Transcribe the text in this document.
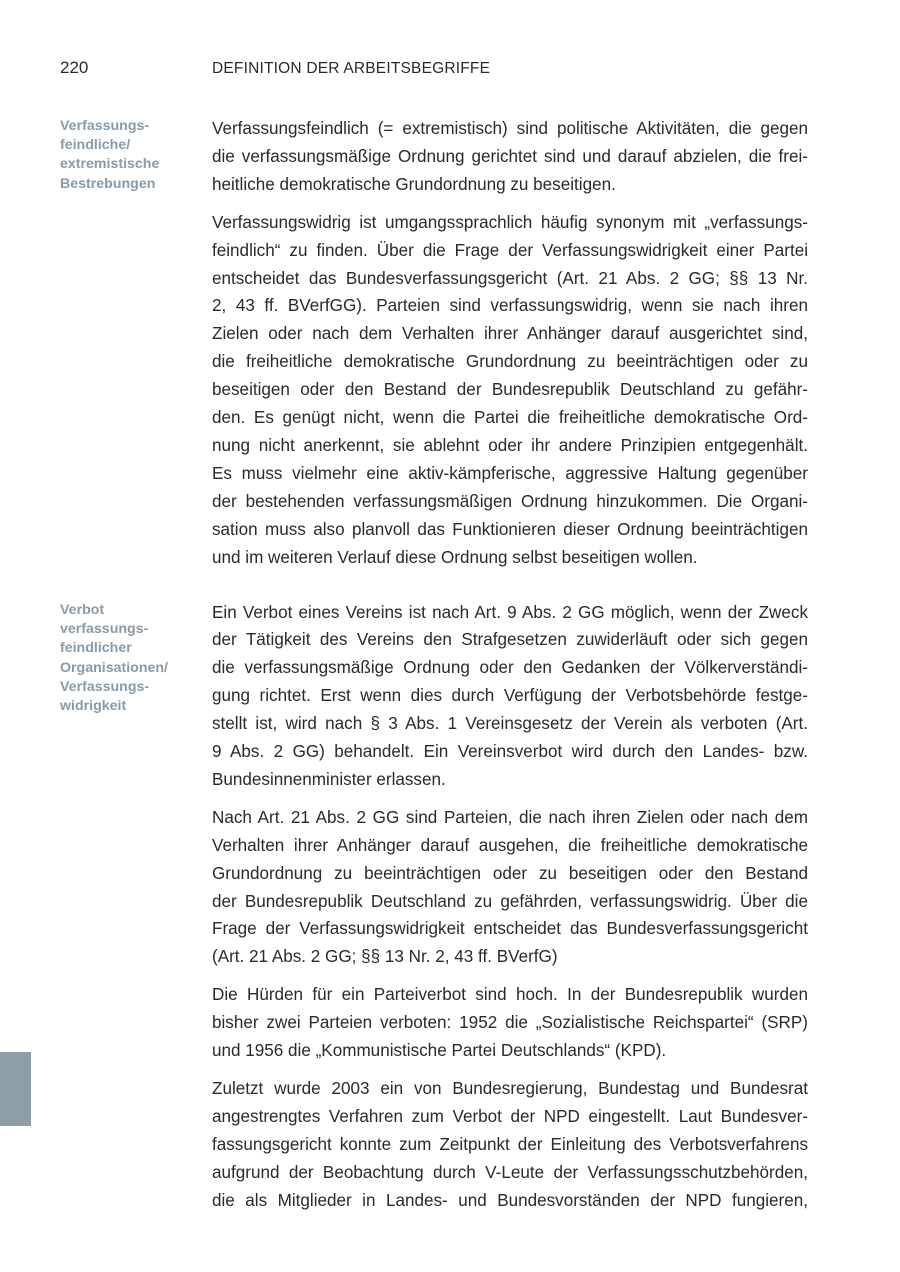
220	DEFINITION DER ARBEITSBEGRIFFE
Verfassungs-
feindliche/
extremistische
Bestrebungen
Verbot
verfassungs-
feindlicher
Organisationen/
Verfassungs-
widrigkeit

Verfassungsfeindlich (= extremistisch) sind politische Aktivitäten, die gegen
die verfassungsmäßige Ordnung gerichtet sind und darauf abzielen, die frei-
heitliche demokratische Grundordnung zu beseitigen.

Verfassungswidrig ist umgangssprachlich häufig synonym mit „verfassungs-
feindlich“ zu finden. Über die Frage der Verfassungswidrigkeit einer Partei
entscheidet das Bundesverfassungsgericht (Art. 21 Abs. 2 GG; §§ 13 Nr.
2, 43 ff. BVerfGG). Parteien sind verfassungswidrig, wenn sie nach ihren
Zielen oder nach dem Verhalten ihrer Anhänger darauf ausgerichtet sind,
die freiheitliche demokratische Grundordnung zu beeinträchtigen oder zu
beseitigen oder den Bestand der Bundesrepublik Deutschland zu gefähr-
den. Es genügt nicht, wenn die Partei die freiheitliche demokratische Ord-
nung nicht anerkennt, sie ablehnt oder ihr andere Prinzipien entgegenhält.
Es muss vielmehr eine aktiv-kämpferische, aggressive Haltung gegenüber
der bestehenden verfassungsmäßigen Ordnung hinzukommen. Die Organi-
sation muss also planvoll das Funktionieren dieser Ordnung beeinträchtigen
und im weiteren Verlauf diese Ordnung selbst beseitigen wollen.

Ein Verbot eines Vereins ist nach Art. 9 Abs. 2 GG möglich, wenn der Zweck
der Tätigkeit des Vereins den Strafgesetzen zuwiderläuft oder sich gegen
die verfassungsmäßige Ordnung oder den Gedanken der Völkerverständi-
gung richtet. Erst wenn dies durch Verfügung der Verbotsbehörde festge-
stellt ist, wird nach § 3 Abs. 1 Vereinsgesetz der Verein als verboten (Art.
9 Abs. 2 GG) behandelt. Ein Vereinsverbot wird durch den Landes- bzw.
Bundesinnenminister erlassen.

Nach Art. 21 Abs. 2 GG sind Parteien, die nach ihren Zielen oder nach dem
Verhalten ihrer Anhänger darauf ausgehen, die freiheitliche demokratische
Grundordnung zu beeinträchtigen oder zu beseitigen oder den Bestand
der Bundesrepublik Deutschland zu gefährden, verfassungswidrig. Über die
Frage der Verfassungswidrigkeit entscheidet das Bundesverfassungsgericht
(Art. 21 Abs. 2 GG; §§ 13 Nr. 2, 43 ff. BVerfG)

Die Hürden für ein Parteiverbot sind hoch. In der Bundesrepublik wurden
bisher zwei Parteien verboten: 1952 die „Sozialistische Reichspartei“ (SRP)
und 1956 die „Kommunistische Partei Deutschlands“ (KPD).

Zuletzt wurde 2003 ein von Bundesregierung, Bundestag und Bundesrat
angestrengtes Verfahren zum Verbot der NPD eingestellt. Laut Bundesver-
fassungsgericht konnte zum Zeitpunkt der Einleitung des Verbotsverfahrens
aufgrund der Beobachtung durch V-Leute der Verfassungsschutzbehörden,
die als Mitglieder in Landes- und Bundesvorständen der NPD fungieren,
